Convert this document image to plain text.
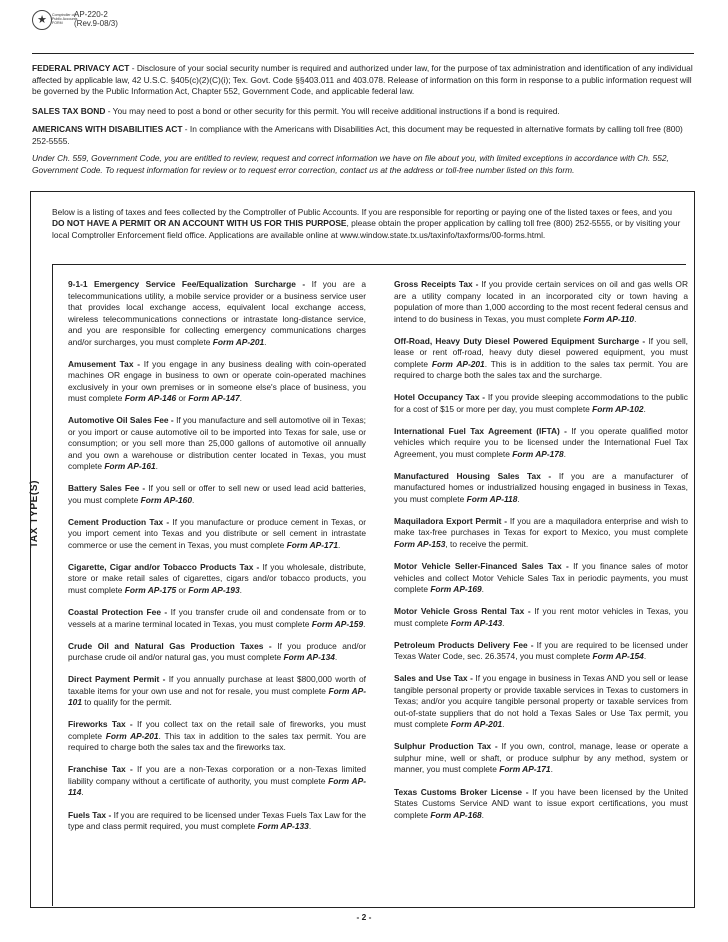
★	Comptroller of Public Accounts FORM
AP-220-2
(Rev.9-08/3)

FEDERAL PRIVACY ACT - Disclosure of your social security number is required and authorized under law, for the purpose of tax administration and identification of any individual affected by applicable law, 42 U.S.C. §405(c)(2)(C)(i); Tex. Govt. Code §§403.011 and 403.078. Release of information on this form in response to a public information request will be governed by the Public Information Act, Chapter 552, Government Code, and applicable federal law.

SALES TAX BOND - You may need to post a bond or other security for this permit. You will receive additional instructions if a bond is required.

AMERICANS WITH DISABILITIES ACT - In compliance with the Americans with Disabilities Act, this document may be requested in alternative formats by calling toll free (800) 252-5555.

Under Ch. 559, Government Code, you are entitled to review, request and correct information we have on file about you, with limited exceptions in accordance with Ch. 552, Government Code. To request information for review or to request error correction, contact us at the address or toll-free number listed on this form.

Below is a listing of taxes and fees collected by the Comptroller of Public Accounts. If you are responsible for reporting or paying one of the listed taxes or fees, and you DO NOT HAVE A PERMIT OR AN ACCOUNT WITH US FOR THIS PURPOSE, please obtain the proper application by calling toll free (800) 252-5555, or by visiting your local Comptroller Enforcement field office. Applications are available online at www.window.state.tx.us/taxinfo/taxforms/00-forms.html.

TAX TYPE(S)

9-1-1 Emergency Service Fee/Equalization Surcharge - If you are a telecommunications utility, a mobile service provider or a business service user that provides local exchange access, equivalent local exchange access, wireless telecommunications connections or intrastate long-distance service, and you are responsible for collecting emergency communications charges and/or surcharges, you must complete Form AP-201.

Amusement Tax - If you engage in any business dealing with coin-operated machines OR engage in business to own or operate coin-operated machines exclusively in your own premises or in someone else's place of business, you must complete Form AP-146 or Form AP-147.

Automotive Oil Sales Fee - If you manufacture and sell automotive oil in Texas; or you import or cause automotive oil to be imported into Texas for sale, use or consumption; or you sell more than 25,000 gallons of automotive oil annually and you own a warehouse or distribution center located in Texas, you must complete Form AP-161.

Battery Sales Fee - If you sell or offer to sell new or used lead acid batteries, you must complete Form AP-160.

Cement Production Tax - If you manufacture or produce cement in Texas, or you import cement into Texas and you distribute or sell cement in intrastate commerce or use the cement in Texas, you must complete Form AP-171.

Cigarette, Cigar and/or Tobacco Products Tax - If you wholesale, distribute, store or make retail sales of cigarettes, cigars and/or tobacco products, you must complete Form AP-175 or Form AP-193.

Coastal Protection Fee - If you transfer crude oil and condensate from or to vessels at a marine terminal located in Texas, you must complete Form AP-159.

Crude Oil and Natural Gas Production Taxes - If you produce and/or purchase crude oil and/or natural gas, you must complete Form AP-134.

Direct Payment Permit - If you annually purchase at least $800,000 worth of taxable items for your own use and not for resale, you must complete Form AP-101 to qualify for the permit.

Fireworks Tax - If you collect tax on the retail sale of fireworks, you must complete Form AP-201. This tax in addition to the sales tax permit. You are required to charge both the sales tax and the fireworks tax.

Franchise Tax - If you are a non-Texas corporation or a non-Texas limited liability company without a certificate of authority, you must complete Form AP-114.

Fuels Tax - If you are required to be licensed under Texas Fuels Tax Law for the type and class permit required, you must complete Form AP-133.

Gross Receipts Tax - If you provide certain services on oil and gas wells OR are a utility company located in an incorporated city or town having a population of more than 1,000 according to the most recent federal census and intend to do business in Texas, you must complete Form AP-110.

Off-Road, Heavy Duty Diesel Powered Equipment Surcharge - If you sell, lease or rent off-road, heavy duty diesel powered equipment, you must complete Form AP-201. This is in addition to the sales tax permit. You are required to charge both the sales tax and the surcharge.

Hotel Occupancy Tax - If you provide sleeping accommodations to the public for a cost of $15 or more per day, you must complete Form AP-102.

International Fuel Tax Agreement (IFTA) - If you operate qualified motor vehicles which require you to be licensed under the International Fuel Tax Agreement, you must complete Form AP-178.

Manufactured Housing Sales Tax - If you are a manufacturer of manufactured homes or industrialized housing engaged in business in Texas, you must complete Form AP-118.

Maquiladora Export Permit - If you are a maquiladora enterprise and wish to make tax-free purchases in Texas for export to Mexico, you must complete Form AP-153, to receive the permit.

Motor Vehicle Seller-Financed Sales Tax - If you finance sales of motor vehicles and collect Motor Vehicle Sales Tax in periodic payments, you must complete Form AP-169.

Motor Vehicle Gross Rental Tax - If you rent motor vehicles in Texas, you must complete Form AP-143.

Petroleum Products Delivery Fee - If you are required to be licensed under Texas Water Code, sec. 26.3574, you must complete Form AP-154.

Sales and Use Tax - If you engage in business in Texas AND you sell or lease tangible personal property or provide taxable services in Texas to customers in Texas; and/or you acquire tangible personal property or taxable services from out-of-state suppliers that do not hold a Texas Sales or Use Tax permit, you must complete Form AP-201.

Sulphur Production Tax - If you own, control, manage, lease or operate a sulphur mine, well or shaft, or produce sulphur by any method, system or manner, you must complete Form AP-171.

Texas Customs Broker License - If you have been licensed by the United States Customs Service AND want to issue export certifications, you must complete Form AP-168.

- 2 -
